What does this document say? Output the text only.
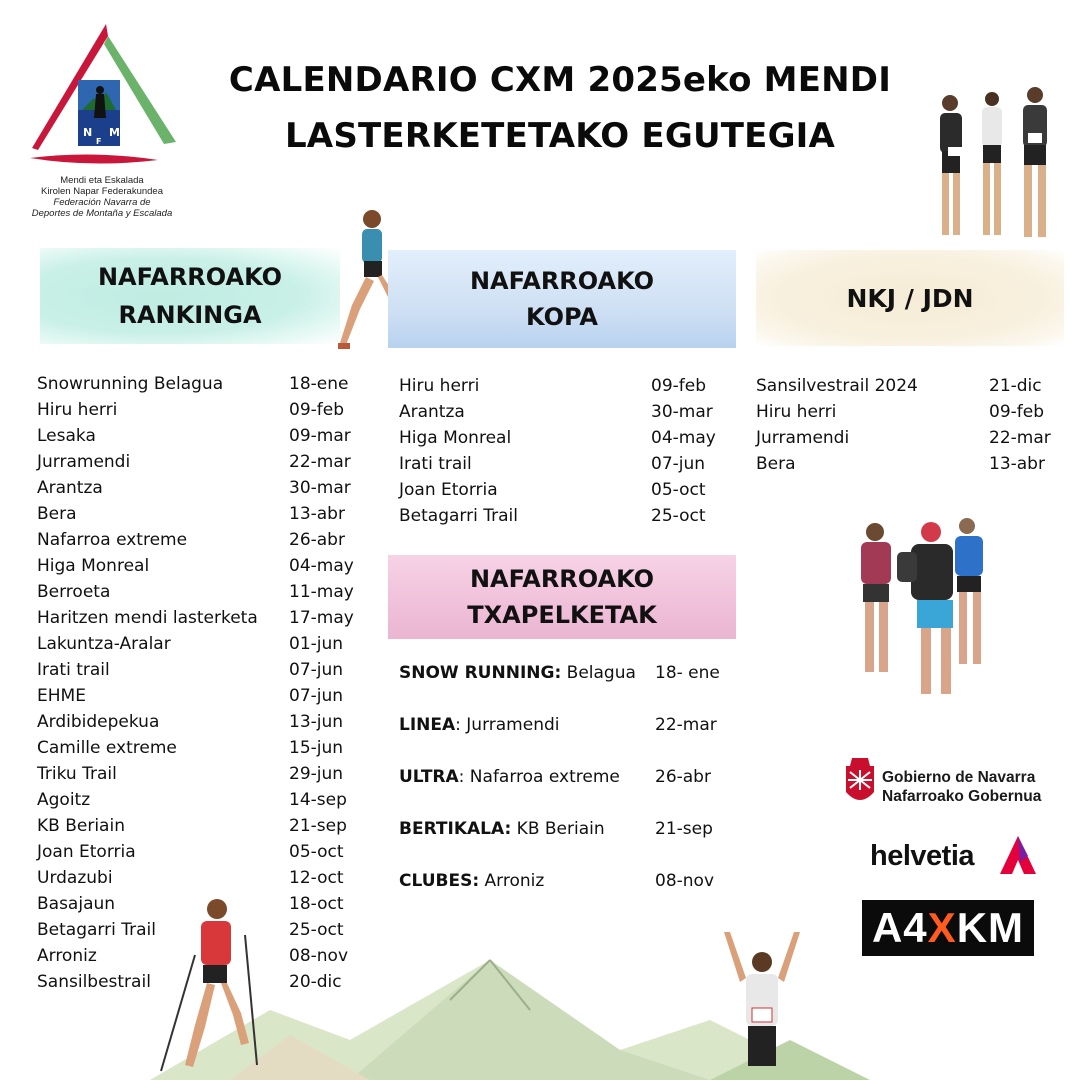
N M
F
Mendi eta Eskalada
Kirolen Napar Federakundea
Federación Navarra de
Deportes de Montaña y Escalada
CALENDARIO CXM 2025eko MENDI
LASTERKETETAKO EGUTEGIA
NAFARROAKO
RANKINGA
NAFARROAKO
KOPA
NKJ / JDN
NAFARROAKO
TXAPELKETAK
Snowrunning Belagua	18-ene
Hiru herri	09-feb
Lesaka	09-mar
Jurramendi	22-mar
Arantza	30-mar
Bera	13-abr
Nafarroa extreme	26-abr
Higa Monreal	04-may
Berroeta	11-may
Haritzen mendi lasterketa 17-may
Lakuntza-Aralar	01-jun
Irati trail	07-jun
EHME	07-jun
Ardibidepekua	13-jun
Camille extreme	15-jun
Triku Trail	29-jun
Agoitz	14-sep
KB Beriain	21-sep
Joan Etorria	05-oct
Urdazubi	12-oct
Basajaun	18-oct
Betagarri Trail	25-oct
Arroniz	08-nov
Sansilbestrail	20-dic
Hiru herri	09-feb
Arantza	30-mar
Higa Monreal	04-may
Irati trail	07-jun
Joan Etorria	05-oct
Betagarri Trail	25-oct
Sansilvestrail 2024	21-dic
Hiru herri	09-feb
Jurramendi	22-mar
Bera	13-abr
SNOW RUNNING: Belagua 18- ene
LINEA: Jurramendi	22-mar
ULTRA: Nafarroa extreme 26-abr
BERTIKALA: KB Beriain	21-sep
CLUBES: Arroniz	08-nov
Gobierno de Navarra
Nafarroako Gobernua
helvetia
A4XKM
